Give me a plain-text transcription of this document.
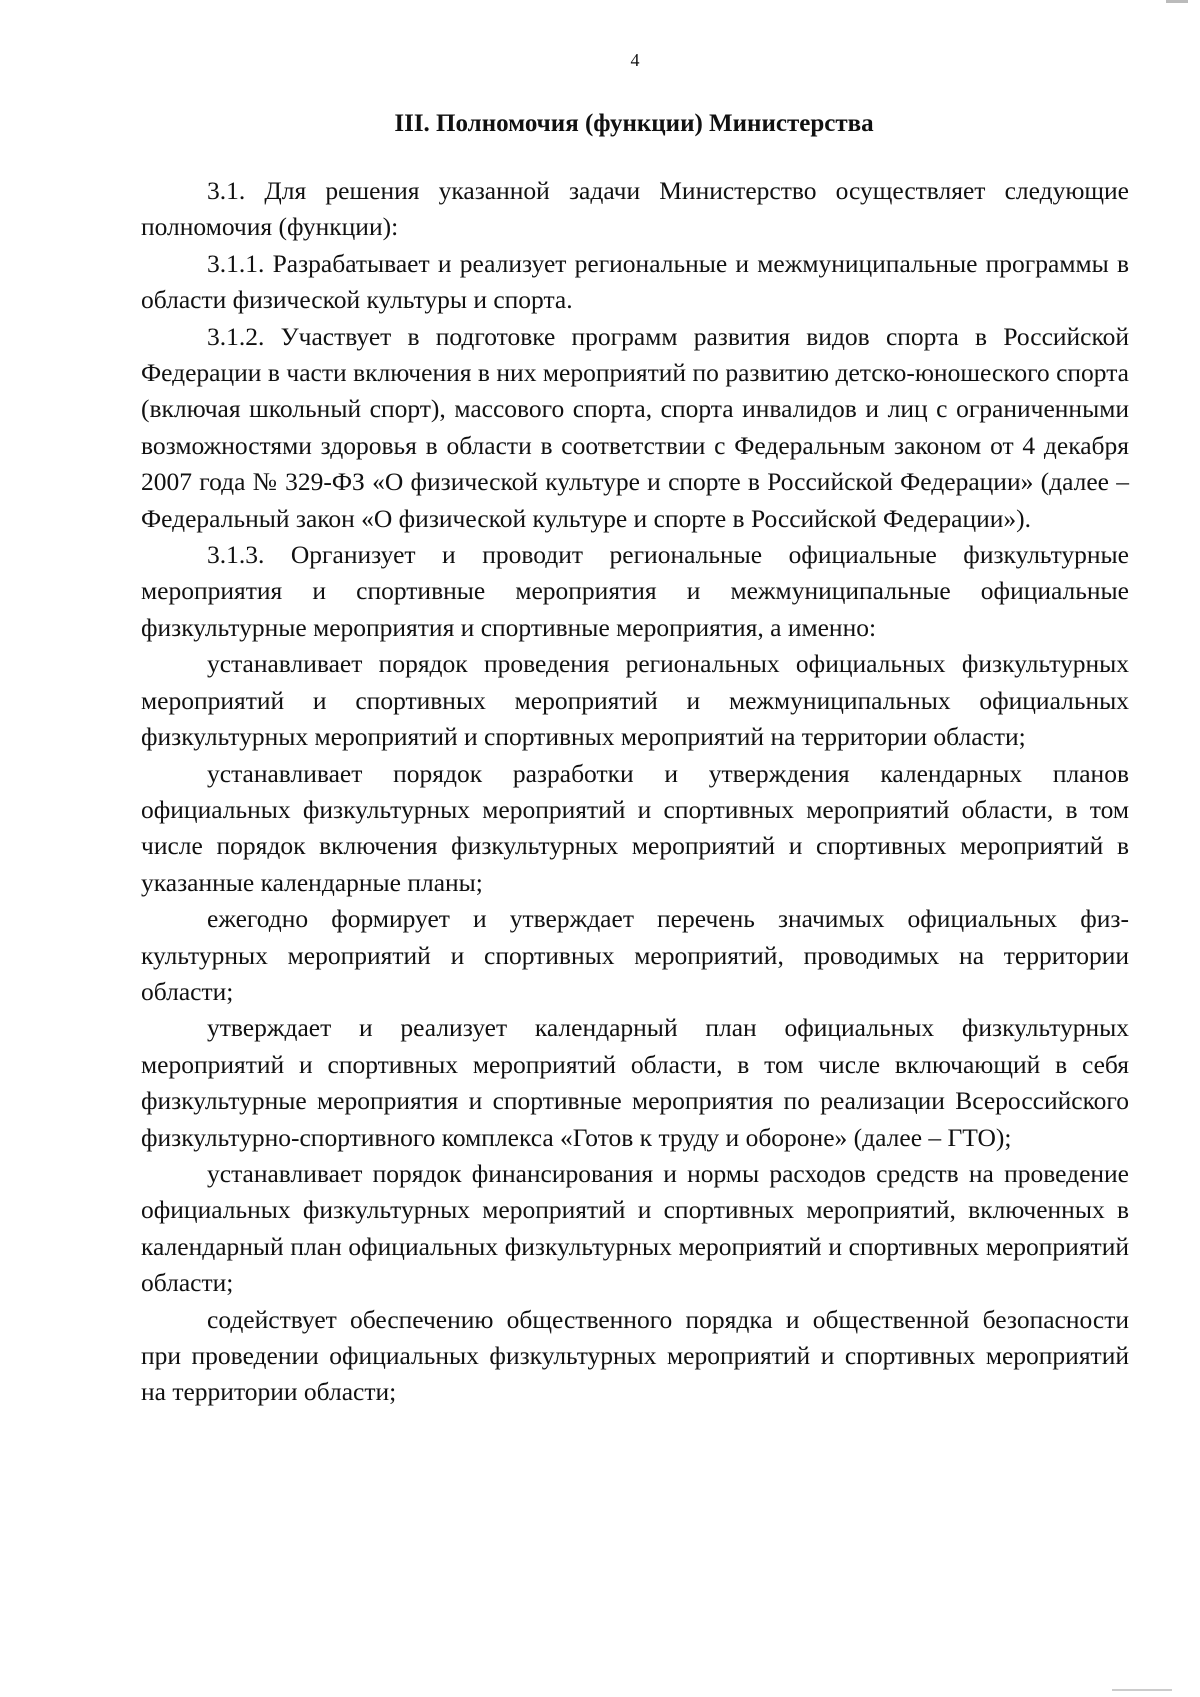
4
III. Полномочия (функции) Министерства

3.1. Для решения указанной задачи Министерство осуществляет следующие полномочия (функции):

3.1.1. Разрабатывает и реализует региональные и межмуниципальные программы в области физической культуры и спорта.

3.1.2. Участвует в подготовке программ развития видов спорта в Российской Федерации в части включения в них мероприятий по развитию детско-юношеского спорта (включая школьный спорт), массового спорта, спорта инвалидов и лиц с ограниченными возможностями здоровья в области в соответствии с Федеральным законом от 4 декабря 2007 года № 329-ФЗ «О физической культуре и спорте в Российской Федерации» (далее – Федеральный закон «О физической культуре и спорте в Российской Федерации»).

3.1.3. Организует и проводит региональные официальные физкультурные мероприятия и спортивные мероприятия и межмуниципальные официальные физкультурные мероприятия и спортивные мероприятия, а именно:

устанавливает порядок проведения региональных официальных физкультурных мероприятий и спортивных мероприятий и межмуниципальных официальных физкультурных мероприятий и спортивных мероприятий на территории области;

устанавливает порядок разработки и утверждения календарных планов официальных физкультурных мероприятий и спортивных мероприятий области, в том числе порядок включения физкультурных мероприятий и спортивных мероприятий в указанные календарные планы;

ежегодно формирует и утверждает перечень значимых официальных физкультурных мероприятий и спортивных мероприятий, проводимых на территории области;

утверждает и реализует календарный план официальных физкультурных мероприятий и спортивных мероприятий области, в том числе включающий в себя физкультурные мероприятия и спортивные мероприятия по реализации Всероссийского физкультурно-спортивного комплекса «Готов к труду и обороне» (далее – ГТО);

устанавливает порядок финансирования и нормы расходов средств на проведение официальных физкультурных мероприятий и спортивных мероприятий, включенных в календарный план официальных физкультурных мероприятий и спортивных мероприятий области;

содействует обеспечению общественного порядка и общественной безопасности при проведении официальных физкультурных мероприятий и спортивных мероприятий на территории области;
